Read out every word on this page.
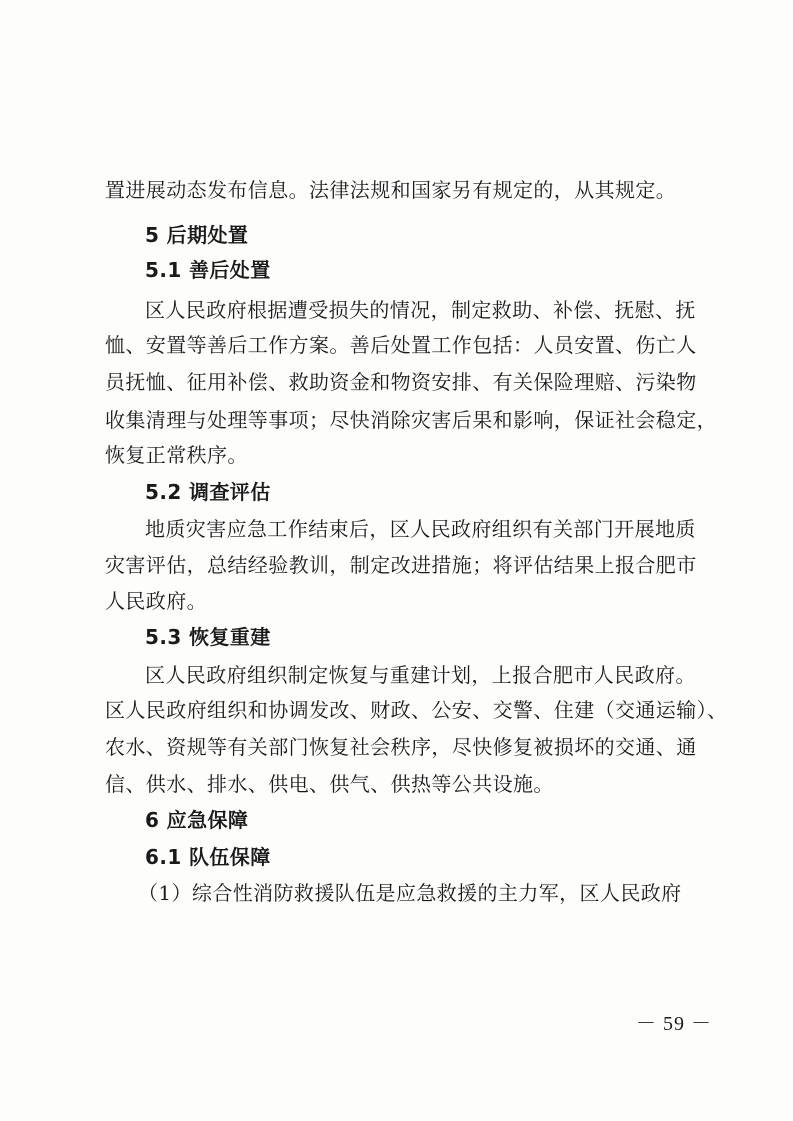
置进展动态发布信息。法律法规和国家另有规定的，从其规定。
5 后期处置
5.1 善后处置
区人民政府根据遭受损失的情况，制定救助、补偿、抚慰、抚
恤、安置等善后工作方案。善后处置工作包括：人员安置、伤亡人
员抚恤、征用补偿、救助资金和物资安排、有关保险理赔、污染物
收集清理与处理等事项；尽快消除灾害后果和影响，保证社会稳定，
恢复正常秩序。
5.2 调查评估
地质灾害应急工作结束后，区人民政府组织有关部门开展地质
灾害评估，总结经验教训，制定改进措施；将评估结果上报合肥市
人民政府。
5.3 恢复重建
区人民政府组织制定恢复与重建计划，上报合肥市人民政府。
区人民政府组织和协调发改、财政、公安、交警、住建（交通运输）、
农水、资规等有关部门恢复社会秩序，尽快修复被损坏的交通、通
信、供水、排水、供电、供气、供热等公共设施。
6 应急保障
6.1 队伍保障
（1）综合性消防救援队伍是应急救援的主力军，区人民政府
－ 59 －
